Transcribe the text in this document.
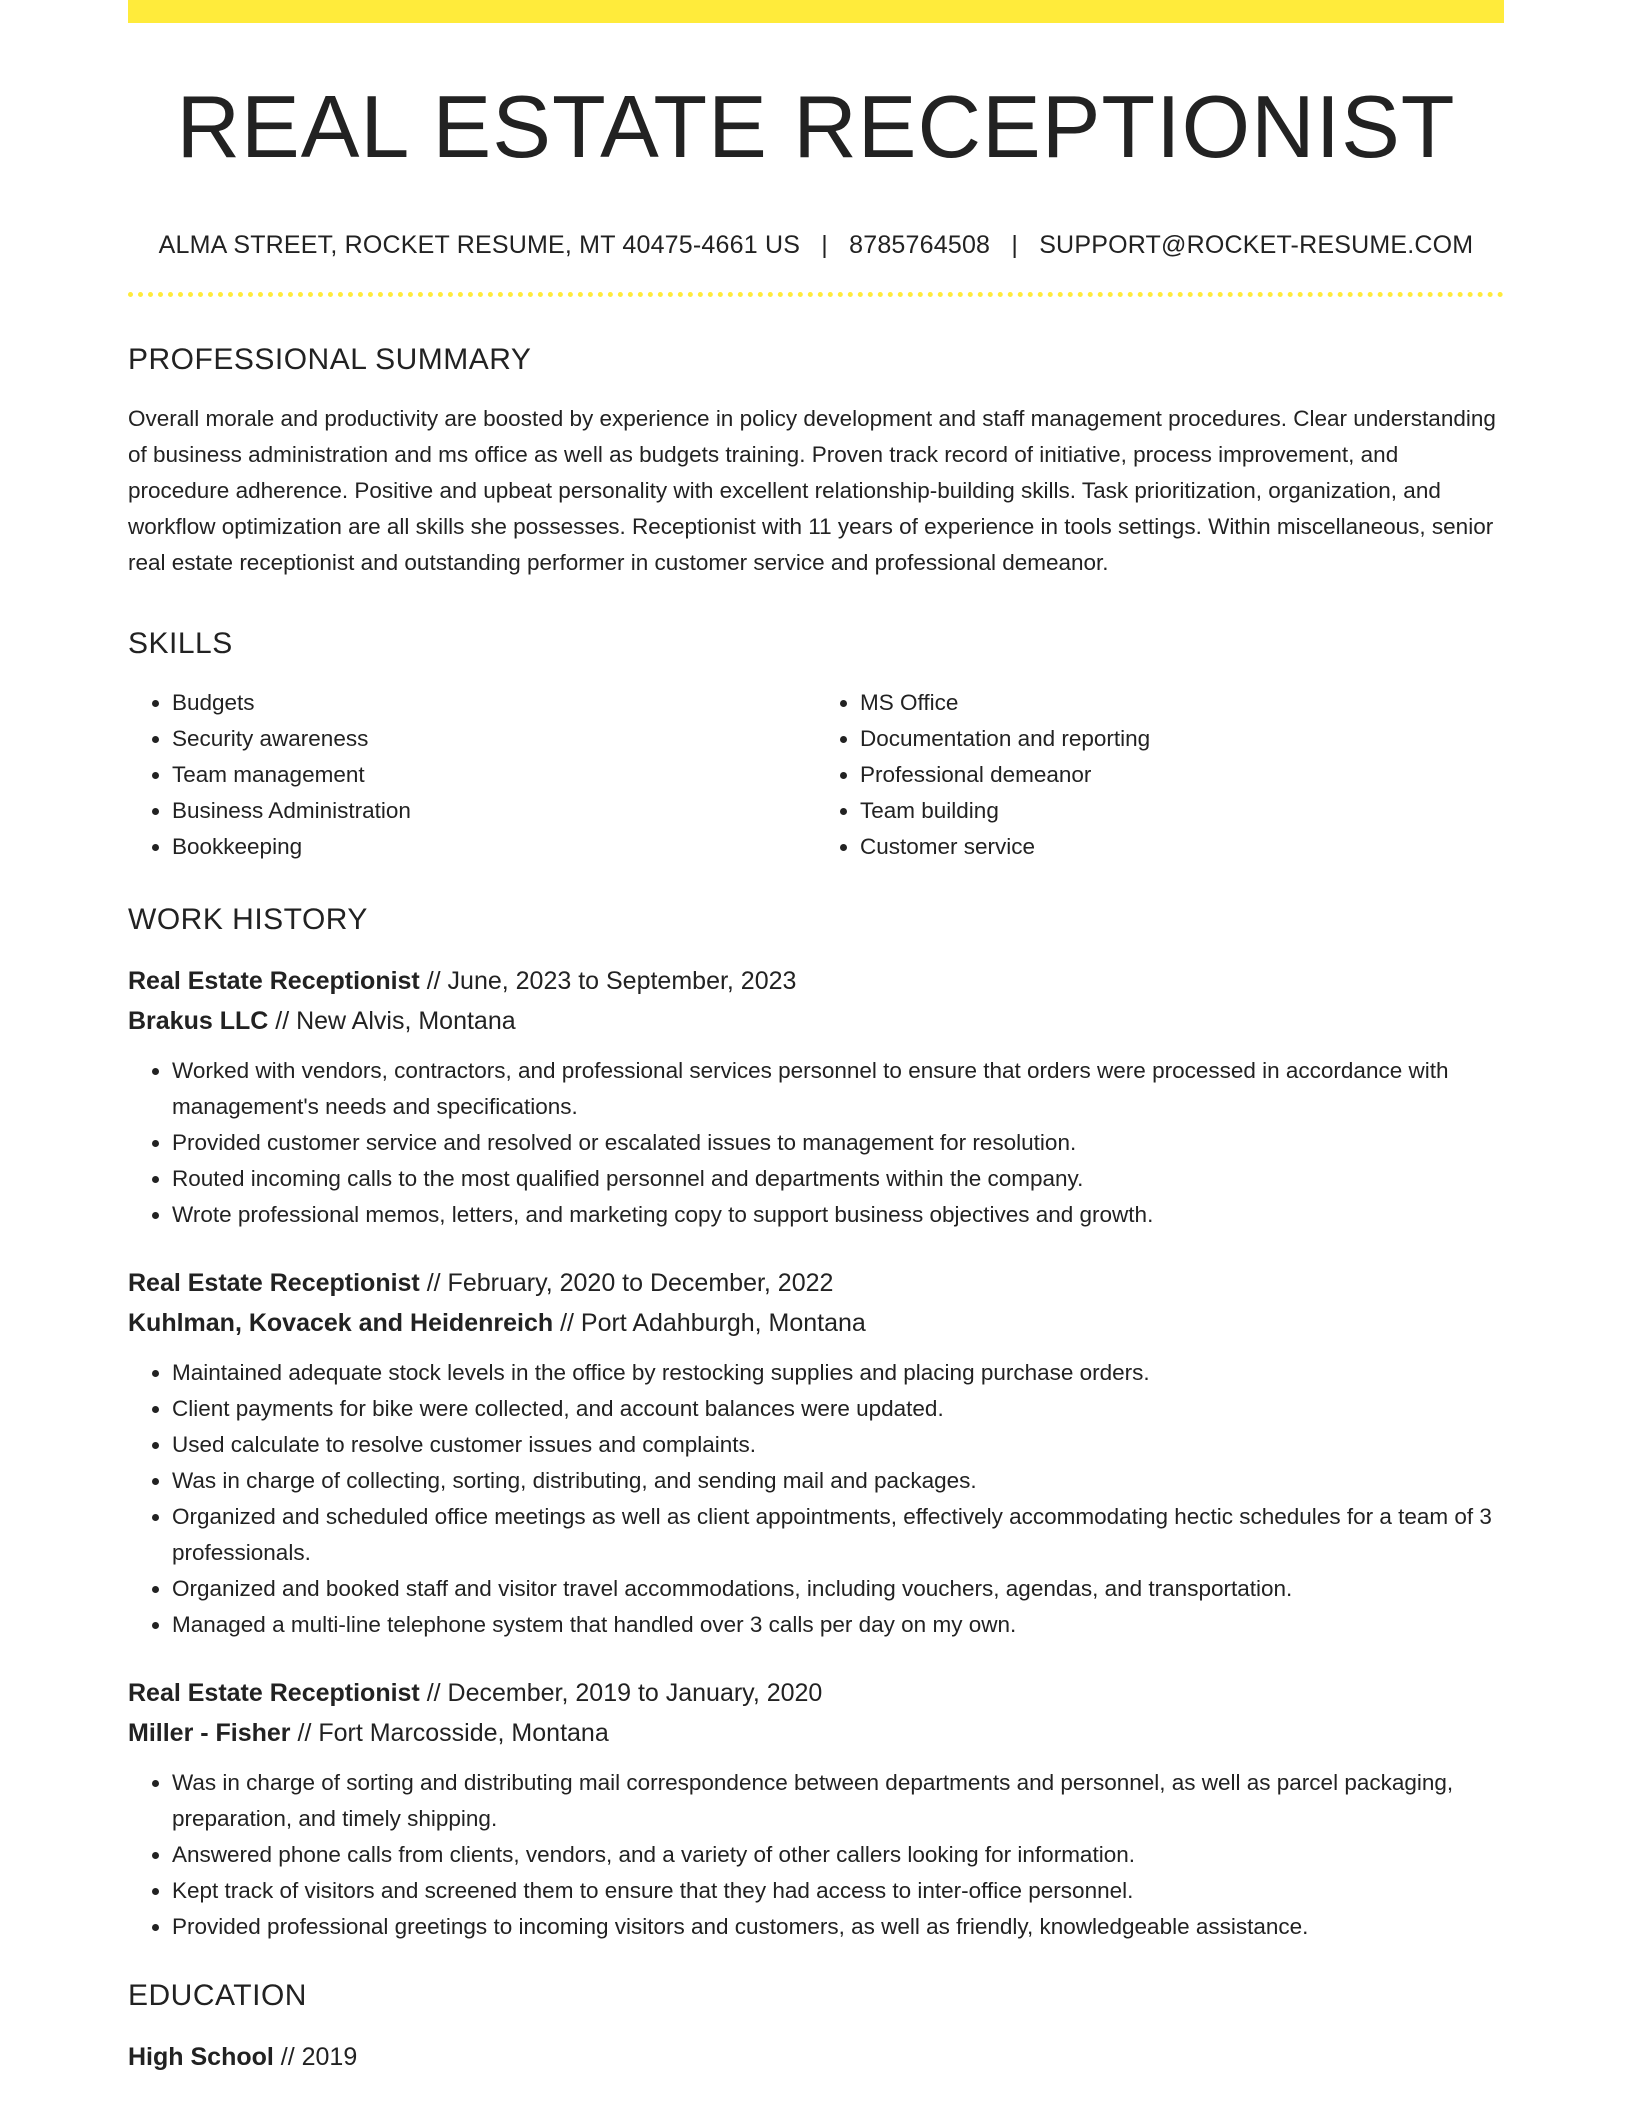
REAL ESTATE RECEPTIONIST
ALMA STREET, ROCKET RESUME, MT 40475-4661 US | 8785764508 | SUPPORT@ROCKET-RESUME.COM
PROFESSIONAL SUMMARY

Overall morale and productivity are boosted by experience in policy development and staff management procedures. Clear understanding of business administration and ms office as well as budgets training. Proven track record of initiative, process improvement, and procedure adherence. Positive and upbeat personality with excellent relationship-building skills. Task prioritization, organization, and workflow optimization are all skills she possesses. Receptionist with 11 years of experience in tools settings. Within miscellaneous, senior real estate receptionist and outstanding performer in customer service and professional demeanor.

SKILLS
• Budgets
• Security awareness
• Team management
• Business Administration
• Bookkeeping
• MS Office
• Documentation and reporting
• Professional demeanor
• Team building
• Customer service
WORK HISTORY
Real Estate Receptionist // June, 2023 to September, 2023
Brakus LLC // New Alvis, Montana
• Worked with vendors, contractors, and professional services personnel to ensure that orders were processed in accordance with management's needs and specifications.
• Provided customer service and resolved or escalated issues to management for resolution.
• Routed incoming calls to the most qualified personnel and departments within the company.
• Wrote professional memos, letters, and marketing copy to support business objectives and growth.
Real Estate Receptionist // February, 2020 to December, 2022
Kuhlman, Kovacek and Heidenreich // Port Adahburgh, Montana
• Maintained adequate stock levels in the office by restocking supplies and placing purchase orders.
• Client payments for bike were collected, and account balances were updated.
• Used calculate to resolve customer issues and complaints.
• Was in charge of collecting, sorting, distributing, and sending mail and packages.
• Organized and scheduled office meetings as well as client appointments, effectively accommodating hectic schedules for a team of 3 professionals.
• Organized and booked staff and visitor travel accommodations, including vouchers, agendas, and transportation.
• Managed a multi-line telephone system that handled over 3 calls per day on my own.
Real Estate Receptionist // December, 2019 to January, 2020
Miller - Fisher // Fort Marcosside, Montana
• Was in charge of sorting and distributing mail correspondence between departments and personnel, as well as parcel packaging, preparation, and timely shipping.
• Answered phone calls from clients, vendors, and a variety of other callers looking for information.
• Kept track of visitors and screened them to ensure that they had access to inter-office personnel.
• Provided professional greetings to incoming visitors and customers, as well as friendly, knowledgeable assistance.
EDUCATION
High School // 2019
